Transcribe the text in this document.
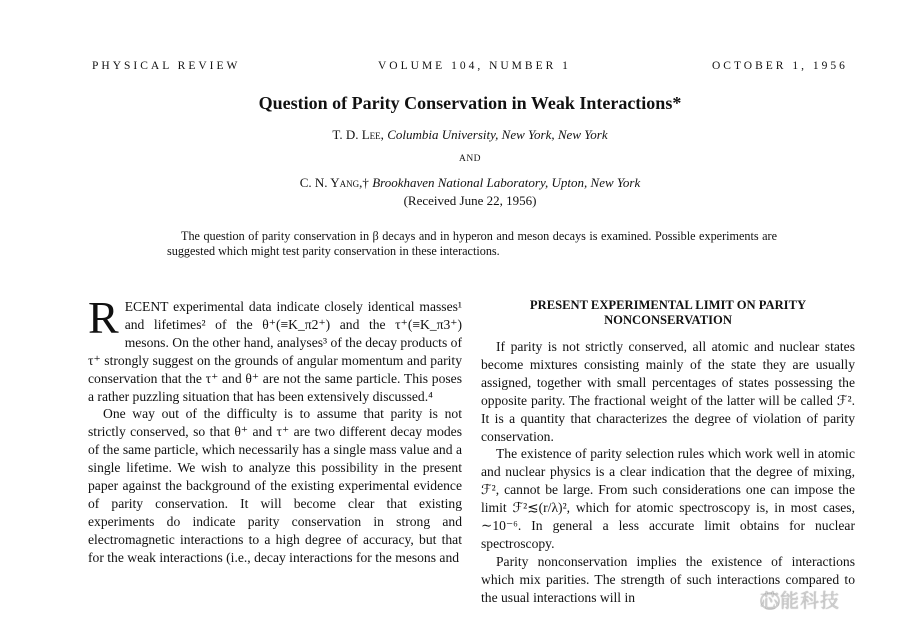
PHYSICAL REVIEW	VOLUME 104, NUMBER 1	OCTOBER 1, 1956
Question of Parity Conservation in Weak Interactions*
T. D. Lee, Columbia University, New York, New York
AND
C. N. Yang,† Brookhaven National Laboratory, Upton, New York
(Received June 22, 1956)
The question of parity conservation in β decays and in hyperon and meson decays is examined. Possible experiments are suggested which might test parity conservation in these interactions.

RECENT experimental data indicate closely identical masses¹ and lifetimes² of the θ⁺(≡K_π2⁺) and the τ⁺(≡K_π3⁺) mesons. On the other hand, analyses³ of the decay products of τ⁺ strongly suggest on the grounds of angular momentum and parity conservation that the τ⁺ and θ⁺ are not the same particle. This poses a rather puzzling situation that has been extensively discussed.⁴

One way out of the difficulty is to assume that parity is not strictly conserved, so that θ⁺ and τ⁺ are two different decay modes of the same particle, which necessarily has a single mass value and a single lifetime. We wish to analyze this possibility in the present paper against the background of the existing experimental evidence of parity conservation. It will become clear that existing experiments do indicate parity conservation in strong and electromagnetic interactions to a high degree of accuracy, but that for the weak interactions (i.e., decay interactions for the mesons and

PRESENT EXPERIMENTAL LIMIT ON PARITY NONCONSERVATION

If parity is not strictly conserved, all atomic and nuclear states become mixtures consisting mainly of the state they are usually assigned, together with small percentages of states possessing the opposite parity. The fractional weight of the latter will be called ℱ². It is a quantity that characterizes the degree of violation of parity conservation.

The existence of parity selection rules which work well in atomic and nuclear physics is a clear indication that the degree of mixing, ℱ², cannot be large. From such considerations one can impose the limit ℱ²≲(r/λ)², which for atomic spectroscopy is, in most cases, ∼10⁻⁶. In general a less accurate limit obtains for nuclear spectroscopy.

Parity nonconservation implies the existence of interactions which mix parities. The strength of such interactions compared to the usual interactions will in	芯能科技
